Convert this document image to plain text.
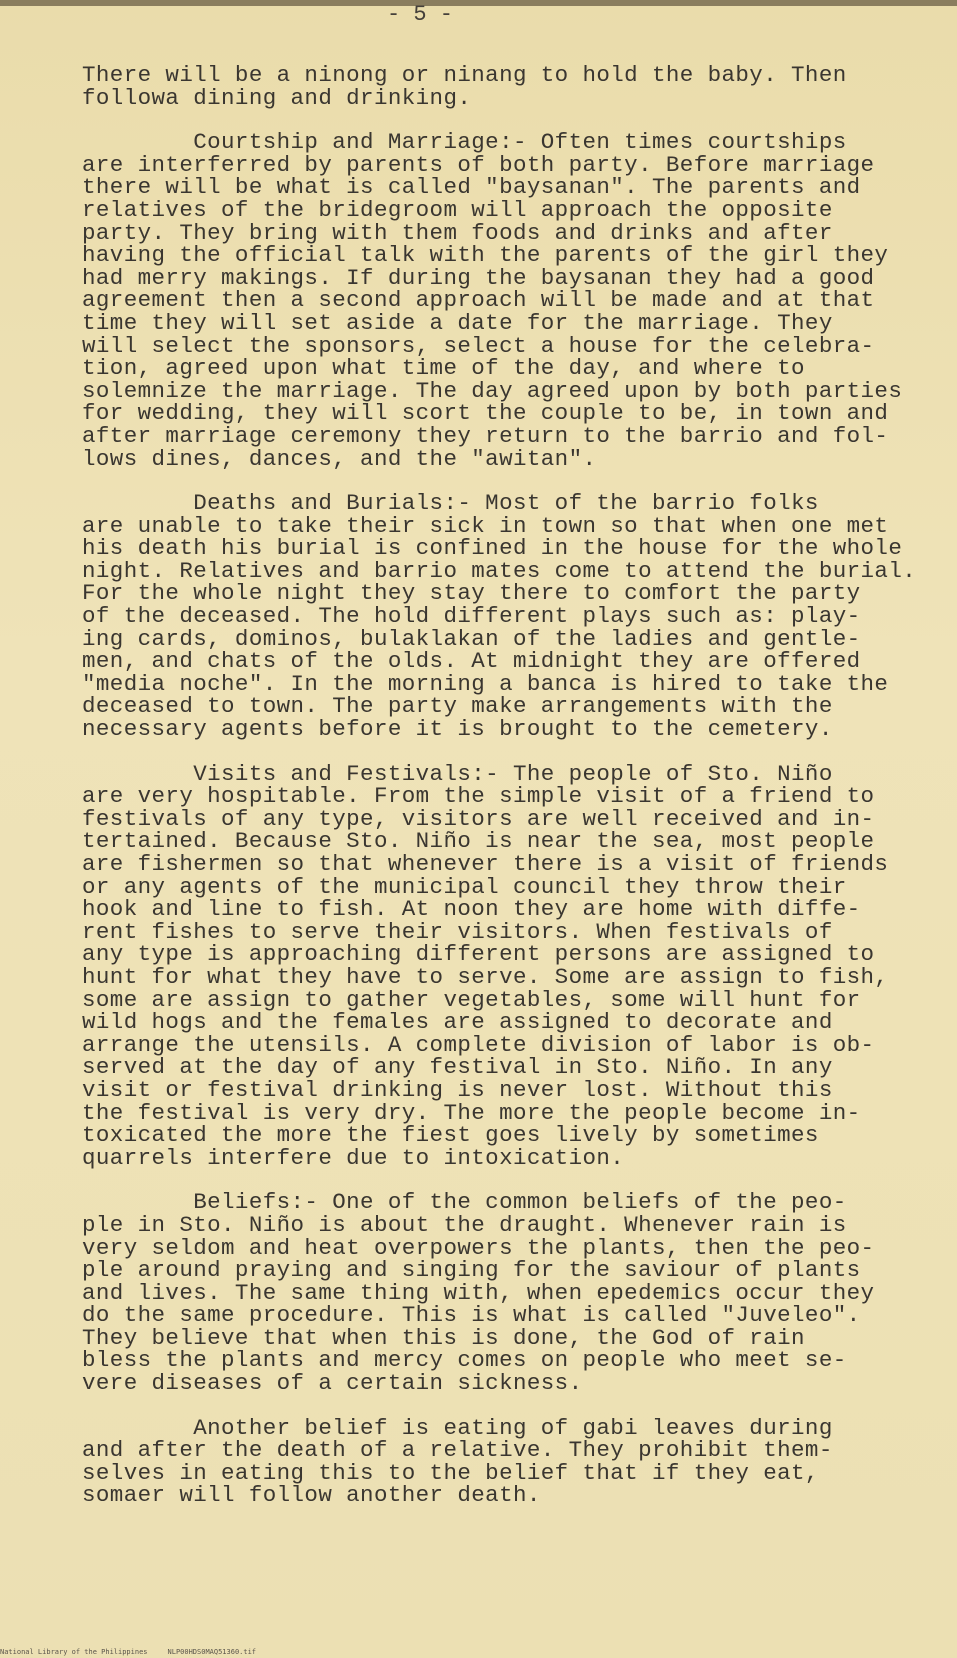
- 5 -

There will be a ninong or ninang to hold the baby. Then
followa dining and drinking.

Courtship and Marriage:- Often times courtships
are interferred by parents of both party. Before marriage
there will be what is called "baysanan". The parents and
relatives of the bridegroom will approach the opposite
party. They bring with them foods and drinks and after
having the official talk with the parents of the girl they
had merry makings. If during the baysanan they had a good
agreement then a second approach will be made and at that
time they will set aside a date for the marriage. They
will select the sponsors, select a house for the celebra-
tion, agreed upon what time of the day, and where to
solemnize the marriage. The day agreed upon by both parties
for wedding, they will scort the couple to be, in town and
after marriage ceremony they return to the barrio and fol-
lows dines, dances, and the "awitan".

Deaths and Burials:- Most of the barrio folks
are unable to take their sick in town so that when one met
his death his burial is confined in the house for the whole
night. Relatives and barrio mates come to attend the burial.
For the whole night they stay there to comfort the party
of the deceased. The hold different plays such as: play-
ing cards, dominos, bulaklakan of the ladies and gentle-
men, and chats of the olds. At midnight they are offered
"media noche". In the morning a banca is hired to take the
deceased to town. The party make arrangements with the
necessary agents before it is brought to the cemetery.

Visits and Festivals:- The people of Sto. Niño
are very hospitable. From the simple visit of a friend to
festivals of any type, visitors are well received and in-
tertained. Because Sto. Niño is near the sea, most people
are fishermen so that whenever there is a visit of friends
or any agents of the municipal council they throw their
hook and line to fish. At noon they are home with diffe-
rent fishes to serve their visitors. When festivals of
any type is approaching different persons are assigned to
hunt for what they have to serve. Some are assign to fish,
some are assign to gather vegetables, some will hunt for
wild hogs and the females are assigned to decorate and
arrange the utensils. A complete division of labor is ob-
served at the day of any festival in Sto. Niño. In any
visit or festival drinking is never lost. Without this
the festival is very dry. The more the people become in-
toxicated the more the fiest goes lively by sometimes
quarrels interfere due to intoxication.

Beliefs:- One of the common beliefs of the peo-
ple in Sto. Niño is about the draught. Whenever rain is
very seldom and heat overpowers the plants, then the peo-
ple around praying and singing for the saviour of plants
and lives. The same thing with, when epedemics occur they
do the same procedure. This is what is called "Juveleo".
They believe that when this is done, the God of rain
bless the plants and mercy comes on people who meet se-
vere diseases of a certain sickness.

Another belief is eating of gabi leaves during
and after the death of a relative. They prohibit them-
selves in eating this to the belief that if they eat,
somaer will follow another death.

National Library of the Philippines	NLP00HDS0MAQ51360.tif
